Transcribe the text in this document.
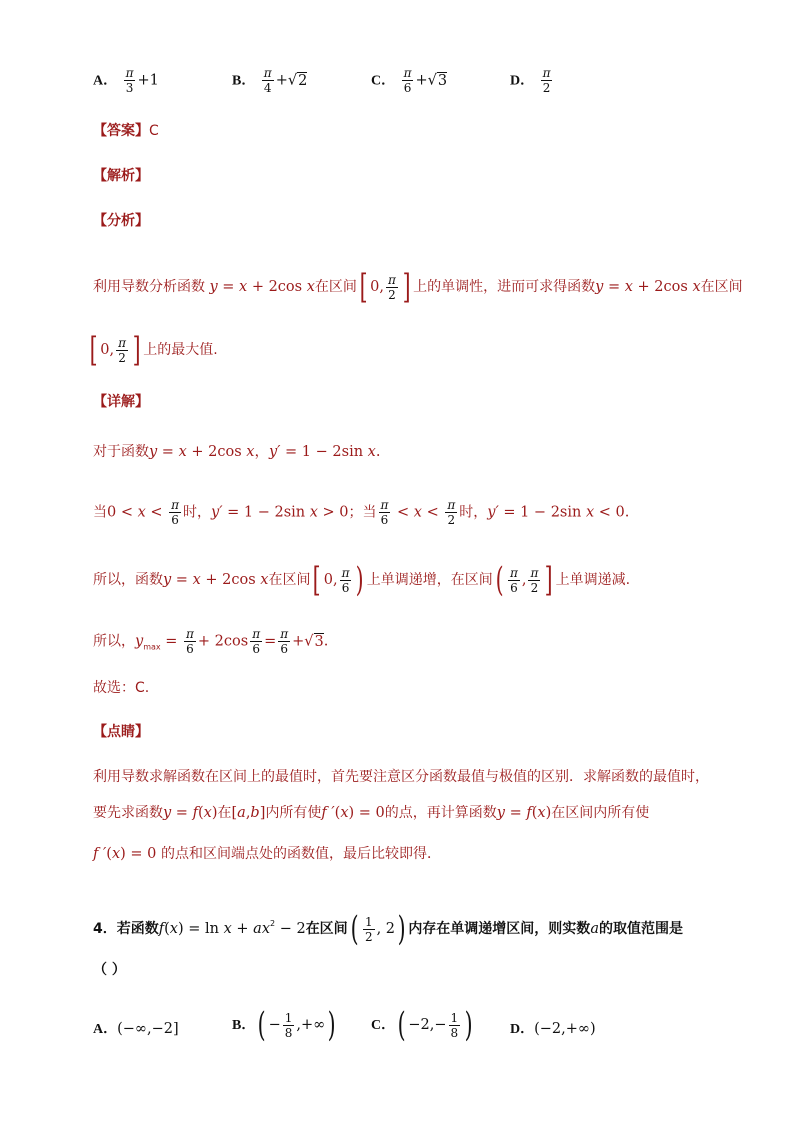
A． $\frac{\pi}{3} +1$	B． $\frac{\pi}{4} +√2$	C． $\frac{\pi}{6} +√3$	D． $\frac{\pi}{2}$
【答案】C
【解析】
【分析】
利用导数分析函数 y = x + 2cos x在区间[ 0, $\frac{\pi}{2}$ ] 上的单调性，进而可求得函数y = x + 2cos x在区间
[ 0, $\frac{\pi}{2}$ ] 上的最大值.
【详解】
对于函数y = x + 2cos x，y′ = 1 − 2sin x.
当$0 < x < \frac{\pi}{6}$ 时，y′ = 1 − 2sin x > 0；当 $\frac{\pi}{6} < x < \frac{\pi}{2}$ 时，y′ = 1 − 2sin x < 0.
所以，函数y = x + 2cos x在区间[ 0, $\frac{\pi}{6}$ ) 上单调递增，在区间( $\frac{\pi}{6}$ , $\frac{\pi}{2}$ ] 上单调递减.
所以，$y_{max} = \frac{\pi}{6} + 2\cos \frac{\pi}{6} = \frac{\pi}{6} +√3$.
故选：C.
【点睛】
利用导数求解函数在区间上的最值时，首先要注意区分函数最值与极值的区别．求解函数的最值时，
要先求函数y = f(x)在[a,b]内所有使f ′(x) = 0的点，再计算函数y = f(x)在区间内所有使
f ′(x) = 0 的点和区间端点处的函数值，最后比较即得．
4．若函数$f(x) = \ln x + ax^2 - 2$在区间( $\frac{1}{2}$ , 2) 内存在单调递增区间，则实数a的取值范围是
（ ）
A．(−∞,−2]	B．( − $\frac{1}{8}$ ,+∞)	C．( $-2,- \frac{1}{8}$ )	D．(−2,+∞)
